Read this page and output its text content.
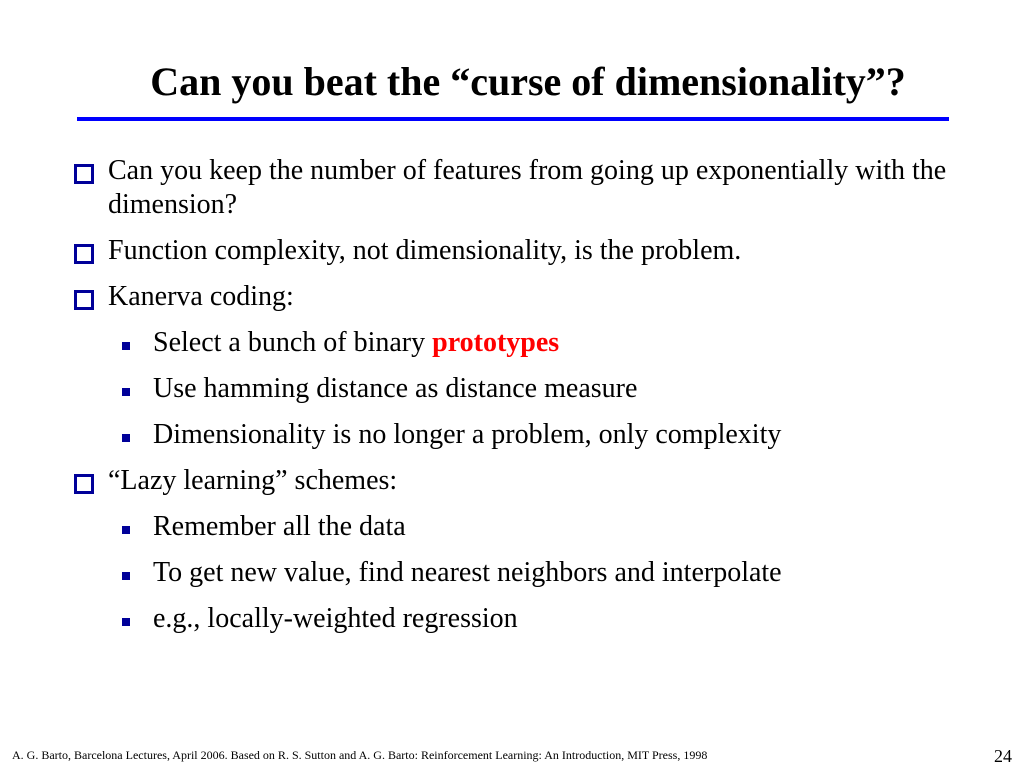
Can you beat the “curse of dimensionality”?
Can you keep the number of features from going up exponentially with the dimension?
Function complexity, not dimensionality, is the problem.
Kanerva coding:
Select a bunch of binary prototypes
Use hamming distance as distance measure
Dimensionality is no longer a problem, only complexity
“Lazy learning” schemes:
Remember all the data
To get new value, find nearest neighbors and interpolate
e.g., locally-weighted regression
A. G. Barto, Barcelona Lectures, April 2006. Based on R. S. Sutton and A. G. Barto: Reinforcement Learning: An Introduction, MIT Press, 1998	24
